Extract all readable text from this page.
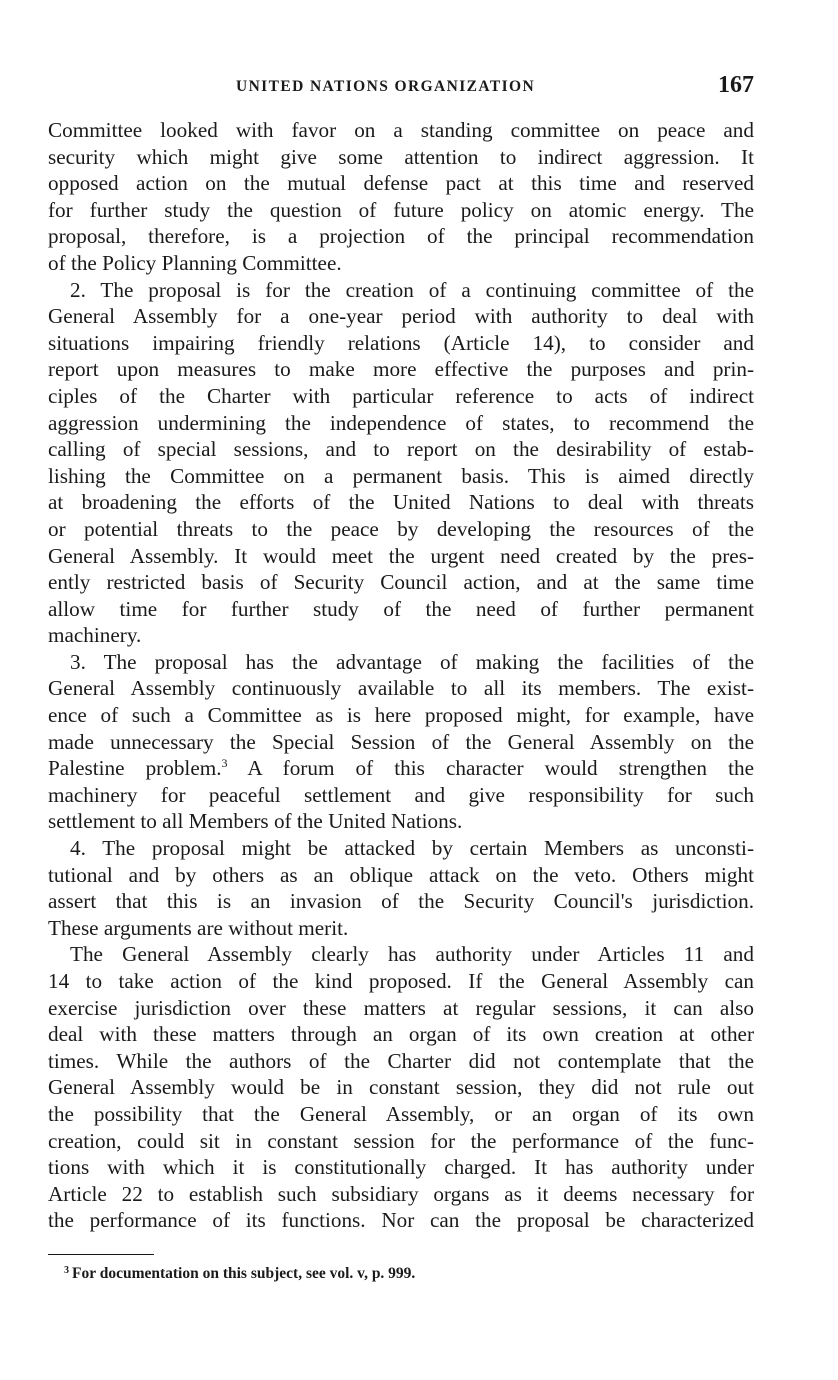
UNITED NATIONS ORGANIZATION	167
Committee looked with favor on a standing committee on peace and
security which might give some attention to indirect aggression. It
opposed action on the mutual defense pact at this time and reserved
for further study the question of future policy on atomic energy. The
proposal, therefore, is a projection of the principal recommendation
of the Policy Planning Committee.
2. The proposal is for the creation of a continuing committee of the
General Assembly for a one-year period with authority to deal with
situations impairing friendly relations (Article 14), to consider and
report upon measures to make more effective the purposes and prin-
ciples of the Charter with particular reference to acts of indirect
aggression undermining the independence of states, to recommend the
calling of special sessions, and to report on the desirability of estab-
lishing the Committee on a permanent basis. This is aimed directly
at broadening the efforts of the United Nations to deal with threats
or potential threats to the peace by developing the resources of the
General Assembly. It would meet the urgent need created by the pres-
ently restricted basis of Security Council action, and at the same time
allow time for further study of the need of further permanent
machinery.
3. The proposal has the advantage of making the facilities of the
General Assembly continuously available to all its members. The exist-
ence of such a Committee as is here proposed might, for example, have
made unnecessary the Special Session of the General Assembly on the
Palestine problem.$^3$ A forum of this character would strengthen the
machinery for peaceful settlement and give responsibility for such
settlement to all Members of the United Nations.
4. The proposal might be attacked by certain Members as unconsti-
tutional and by others as an oblique attack on the veto. Others might
assert that this is an invasion of the Security Council's jurisdiction.
These arguments are without merit.
The General Assembly clearly has authority under Articles 11 and
14 to take action of the kind proposed. If the General Assembly can
exercise jurisdiction over these matters at regular sessions, it can also
deal with these matters through an organ of its own creation at other
times. While the authors of the Charter did not contemplate that the
General Assembly would be in constant session, they did not rule out
the possibility that the General Assembly, or an organ of its own
creation, could sit in constant session for the performance of the func-
tions with which it is constitutionally charged. It has authority under
Article 22 to establish such subsidiary organs as it deems necessary for
the performance of its functions. Nor can the proposal be characterized
$^3$ For documentation on this subject, see vol. v, p. 999.
